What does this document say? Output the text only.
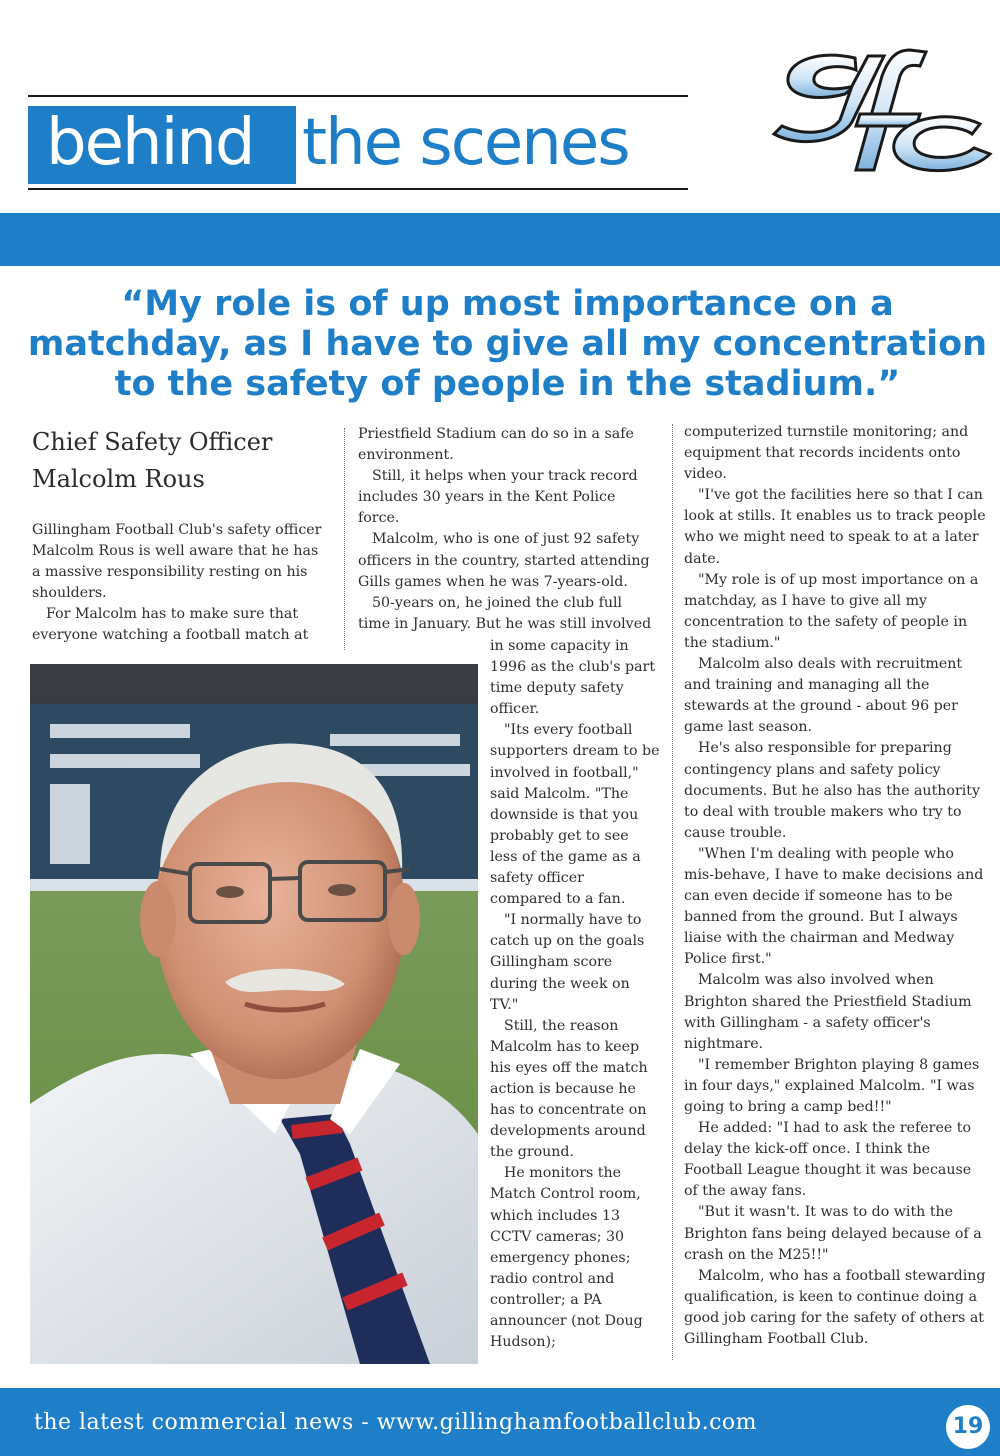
behind the scenes
“My role is of up most importance on a matchday, as I have to give all my concentration to the safety of people in the stadium.”
Chief Safety Officer
Malcolm Rous

Gillingham Football Club's safety officer Malcolm Rous is well aware that he has a massive responsibility resting on his shoulders.

For Malcolm has to make sure that everyone watching a football match at

Priestfield Stadium can do so in a safe environment.

Still, it helps when your track record includes 30 years in the Kent Police force.

Malcolm, who is one of just 92 safety officers in the country, started attending Gills games when he was 7-years-old.

50-years on, he joined the club full time in January. But he was still involved

in some capacity in 1996 as the club's part time deputy safety officer.

"Its every football supporters dream to be involved in football," said Malcolm. "The downside is that you probably get to see less of the game as a safety officer compared to a fan.

"I normally have to catch up on the goals Gillingham score during the week on TV."

Still, the reason Malcolm has to keep his eyes off the match action is because he has to concentrate on developments around the ground.

He monitors the Match Control room, which includes 13 CCTV cameras; 30 emergency phones; radio control and controller; a PA announcer (not Doug Hudson);

computerized turnstile monitoring; and equipment that records incidents onto video.

"I've got the facilities here so that I can look at stills. It enables us to track people who we might need to speak to at a later date.

"My role is of up most importance on a matchday, as I have to give all my concentration to the safety of people in the stadium."

Malcolm also deals with recruitment and training and managing all the stewards at the ground - about 96 per game last season.

He's also responsible for preparing contingency plans and safety policy documents. But he also has the authority to deal with trouble makers who try to cause trouble.

"When I'm dealing with people who mis-behave, I have to make decisions and can even decide if someone has to be banned from the ground. But I always liaise with the chairman and Medway Police first."

Malcolm was also involved when Brighton shared the Priestfield Stadium with Gillingham - a safety officer's nightmare.

"I remember Brighton playing 8 games in four days," explained Malcolm. "I was going to bring a camp bed!!"

He added: "I had to ask the referee to delay the kick-off once. I think the Football League thought it was because of the away fans.

"But it wasn't. It was to do with the Brighton fans being delayed because of a crash on the M25!!"

Malcolm, who has a football stewarding qualification, is keen to continue doing a good job caring for the safety of others at Gillingham Football Club.

the latest commercial news - www.gillinghamfootballclub.com	19
